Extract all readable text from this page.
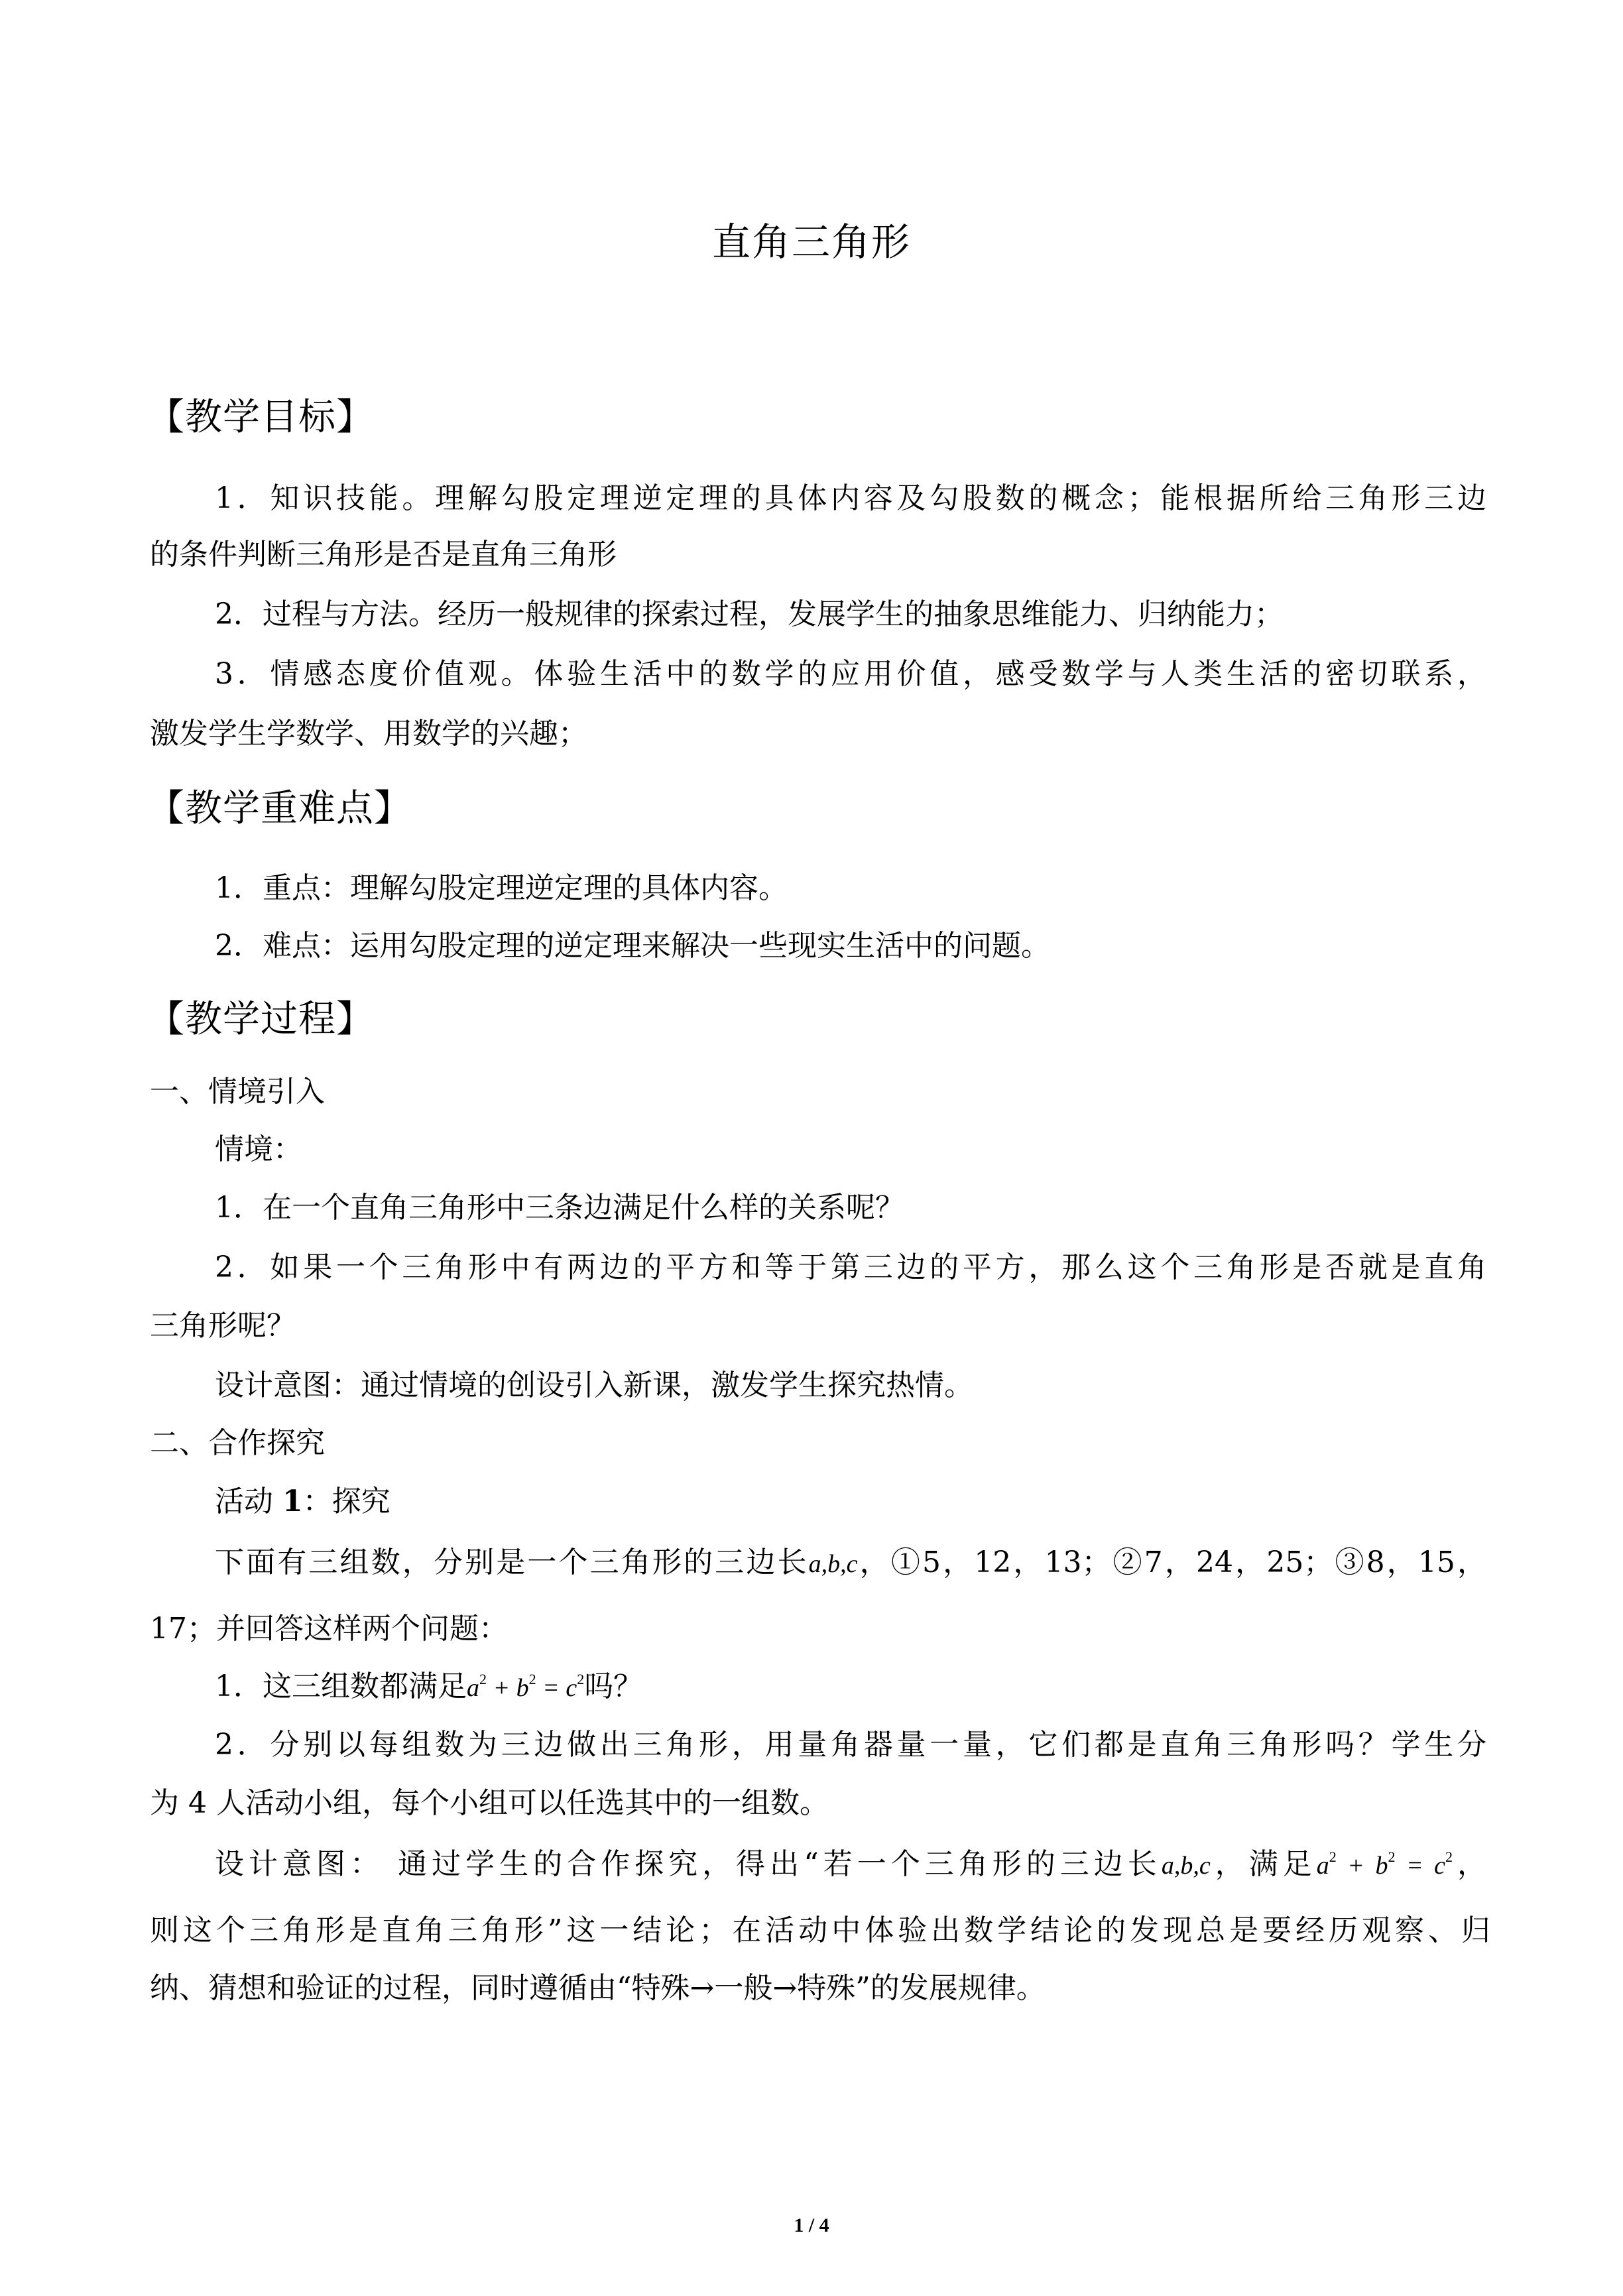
直角三角形
【教学目标】
1．知识技能。理解勾股定理逆定理的具体内容及勾股数的概念；能根据所给三角形三边
的条件判断三角形是否是直角三角形
2．过程与方法。经历一般规律的探索过程，发展学生的抽象思维能力、归纳能力；
3．情感态度价值观。体验生活中的数学的应用价值，感受数学与人类生活的密切联系，
激发学生学数学、用数学的兴趣；
【教学重难点】
1．重点：理解勾股定理逆定理的具体内容。
2．难点：运用勾股定理的逆定理来解决一些现实生活中的问题。
【教学过程】
一、情境引入
情境：
1．在一个直角三角形中三条边满足什么样的关系呢？
2．如果一个三角形中有两边的平方和等于第三边的平方，那么这个三角形是否就是直角
三角形呢？
设计意图：通过情境的创设引入新课，激发学生探究热情。
二、合作探究
活动 1：探究
下面有三组数，分别是一个三角形的三边长a,b,c，①5，12，13；②7，24，25；③8，15，
17；并回答这样两个问题：
1．这三组数都满足$a^2 + b^2 = c^2$吗？
2．分别以每组数为三边做出三角形，用量角器量一量，它们都是直角三角形吗？学生分
为 4 人活动小组，每个小组可以任选其中的一组数。
设计意图： 通过学生的合作探究，得出“若一个三角形的三边长a,b,c，满足$a^2 + b^2 = c^2$，
则这个三角形是直角三角形”这一结论；在活动中体验出数学结论的发现总是要经历观察、归
纳、猜想和验证的过程，同时遵循由“特殊→一般→特殊”的发展规律。
1 / 4
